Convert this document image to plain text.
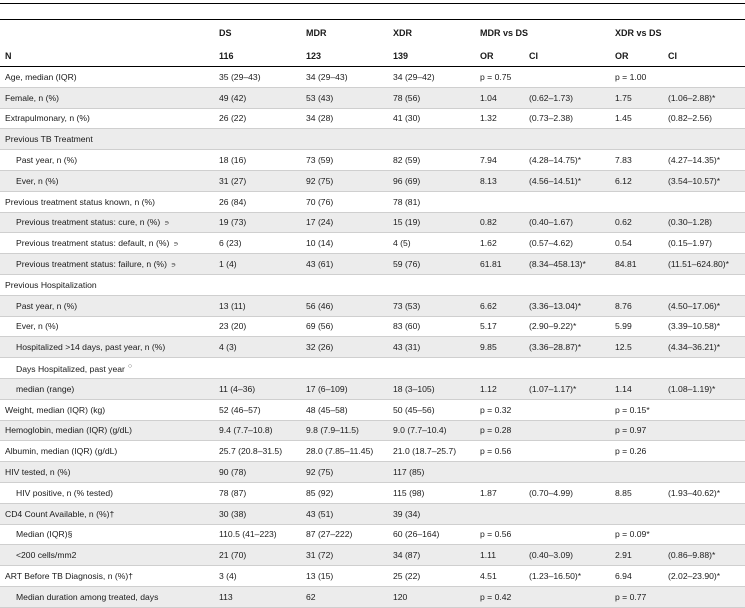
	DS	MDR	XDR	MDR vs DS		XDR vs DS	
N	116	123	139	OR	CI	OR	CI
Age, median (IQR)	35 (29–43)	34 (29–43)	34 (29–42)	p = 0.75		p = 1.00	
Female, n (%)	49 (42)	53 (43)	78 (56)	1.04	(0.62–1.73)	1.75	(1.06–2.88)*
Extrapulmonary, n (%)	26 (22)	34 (28)	41 (30)	1.32	(0.73–2.38)	1.45	(0.82–2.56)
Previous TB Treatment							
Past year, n (%)	18 (16)	73 (59)	82 (59)	7.94	(4.28–14.75)*	7.83	(4.27–14.35)*
Ever, n (%)	31 (27)	92 (75)	96 (69)	8.13	(4.56–14.51)*	6.12	(3.54–10.57)*
Previous treatment status known, n (%)	26 (84)	70 (76)	78 (81)				
Previous treatment status: cure, n (%) ∍	19 (73)	17 (24)	15 (19)	0.82	(0.40–1.67)	0.62	(0.30–1.28)
Previous treatment status: default, n (%) ∍	6 (23)	10 (14)	4 (5)	1.62	(0.57–4.62)	0.54	(0.15–1.97)
Previous treatment status: failure, n (%) ∍	1 (4)	43 (61)	59 (76)	61.81	(8.34–458.13)*	84.81	(11.51–624.80)*
Previous Hospitalization							
Past year, n (%)	13 (11)	56 (46)	73 (53)	6.62	(3.36–13.04)*	8.76	(4.50–17.06)*
Ever, n (%)	23 (20)	69 (56)	83 (60)	5.17	(2.90–9.22)*	5.99	(3.39–10.58)*
Hospitalized >14 days, past year, n (%)	4 (3)	32 (26)	43 (31)	9.85	(3.36–28.87)*	12.5	(4.34–36.21)*
Days Hospitalized, past year ○							
median (range)	11 (4–36)	17 (6–109)	18 (3–105)	1.12	(1.07–1.17)*	1.14	(1.08–1.19)*
Weight, median (IQR) (kg)	52 (46–57)	48 (45–58)	50 (45–56)	p = 0.32		p = 0.15*	
Hemoglobin, median (IQR) (g/dL)	9.4 (7.7–10.8)	9.8 (7.9–11.5)	9.0 (7.7–10.4)	p = 0.28		p = 0.97	
Albumin, median (IQR) (g/dL)	25.7 (20.8–31.5)	28.0 (7.85–11.45)	21.0 (18.7–25.7)	p = 0.56		p = 0.26	
HIV tested, n (%)	90 (78)	92 (75)	117 (85)				
HIV positive, n (% tested)	78 (87)	85 (92)	115 (98)	1.87	(0.70–4.99)	8.85	(1.93–40.62)*
CD4 Count Available, n (%)†	30 (38)	43 (51)	39 (34)				
Median (IQR)§	110.5 (41–223)	87 (27–222)	60 (26–164)	p = 0.56		p = 0.09*	
<200 cells/mm2	21 (70)	31 (72)	34 (87)	1.11	(0.40–3.09)	2.91	(0.86–9.88)*
ART Before TB Diagnosis, n (%)†	3 (4)	13 (15)	25 (22)	4.51	(1.23–16.50)*	6.94	(2.02–23.90)*
Median duration among treated, days	113	62	120	p = 0.42		p = 0.77	
